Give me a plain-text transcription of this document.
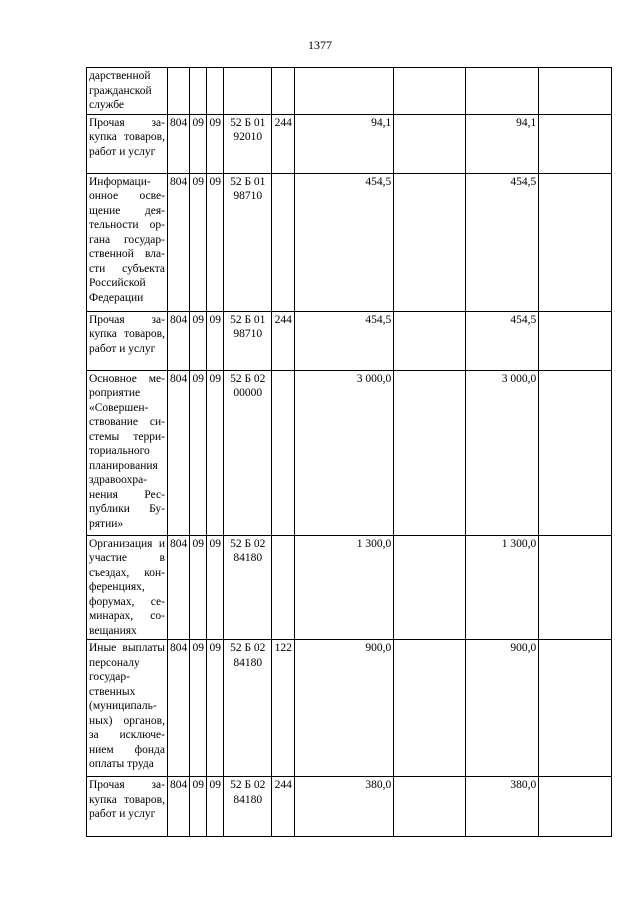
1377
дарственной гражданской службе									
Прочая закупка товаров, работ и услуг	804	09	09	52 Б 01 92010	244	94,1		94,1	
Информационное освещение деятельности органа государственной власти субъекта Российской Федерации	804	09	09	52 Б 01 98710		454,5		454,5	
Прочая закупка товаров, работ и услуг	804	09	09	52 Б 01 98710	244	454,5		454,5	
Основное мероприятие «Совершенствование системы территориального планирования здравоохранения Республики Бурятии»	804	09	09	52 Б 02 00000		3 000,0		3 000,0	
Организация и участие в съездах, конференциях, форумах, семинарах, совещаниях	804	09	09	52 Б 02 84180		1 300,0		1 300,0	
Иные выплаты персоналу государственных (муниципальных) органов, за исключением фонда оплаты труда	804	09	09	52 Б 02 84180	122	900,0		900,0	
Прочая закупка товаров, работ и услуг	804	09	09	52 Б 02 84180	244	380,0		380,0	
